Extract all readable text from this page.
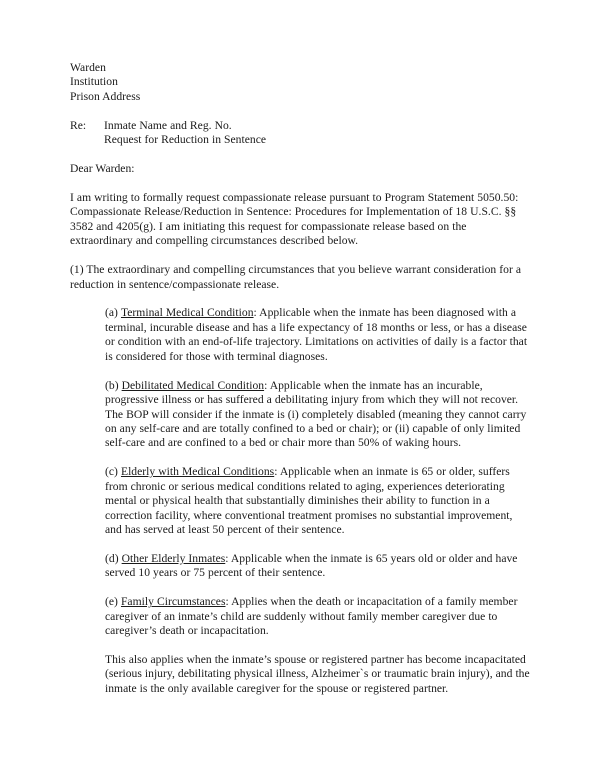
Warden
Institution
Prison Address
Re:	Inmate Name and Reg. No.
Request for Reduction in Sentence
Dear Warden:
I am writing to formally request compassionate release pursuant to Program Statement 5050.50: Compassionate Release/Reduction in Sentence: Procedures for Implementation of 18 U.S.C. §§ 3582 and 4205(g). I am initiating this request for compassionate release based on the extraordinary and compelling circumstances described below.
(1) The extraordinary and compelling circumstances that you believe warrant consideration for a reduction in sentence/compassionate release.
(a) Terminal Medical Condition: Applicable when the inmate has been diagnosed with a terminal, incurable disease and has a life expectancy of 18 months or less, or has a disease or condition with an end-of-life trajectory. Limitations on activities of daily is a factor that is considered for those with terminal diagnoses.
(b) Debilitated Medical Condition: Applicable when the inmate has an incurable, progressive illness or has suffered a debilitating injury from which they will not recover. The BOP will consider if the inmate is (i) completely disabled (meaning they cannot carry on any self-care and are totally confined to a bed or chair); or (ii) capable of only limited self-care and are confined to a bed or chair more than 50% of waking hours.
(c) Elderly with Medical Conditions: Applicable when an inmate is 65 or older, suffers from chronic or serious medical conditions related to aging, experiences deteriorating mental or physical health that substantially diminishes their ability to function in a correction facility, where conventional treatment promises no substantial improvement, and has served at least 50 percent of their sentence.
(d) Other Elderly Inmates: Applicable when the inmate is 65 years old or older and have served 10 years or 75 percent of their sentence.
(e) Family Circumstances: Applies when the death or incapacitation of a family member caregiver of an inmate’s child are suddenly without family member caregiver due to caregiver’s death or incapacitation.
This also applies when the inmate’s spouse or registered partner has become incapacitated (serious injury, debilitating physical illness, Alzheimer`s or traumatic brain injury), and the inmate is the only available caregiver for the spouse or registered partner.
